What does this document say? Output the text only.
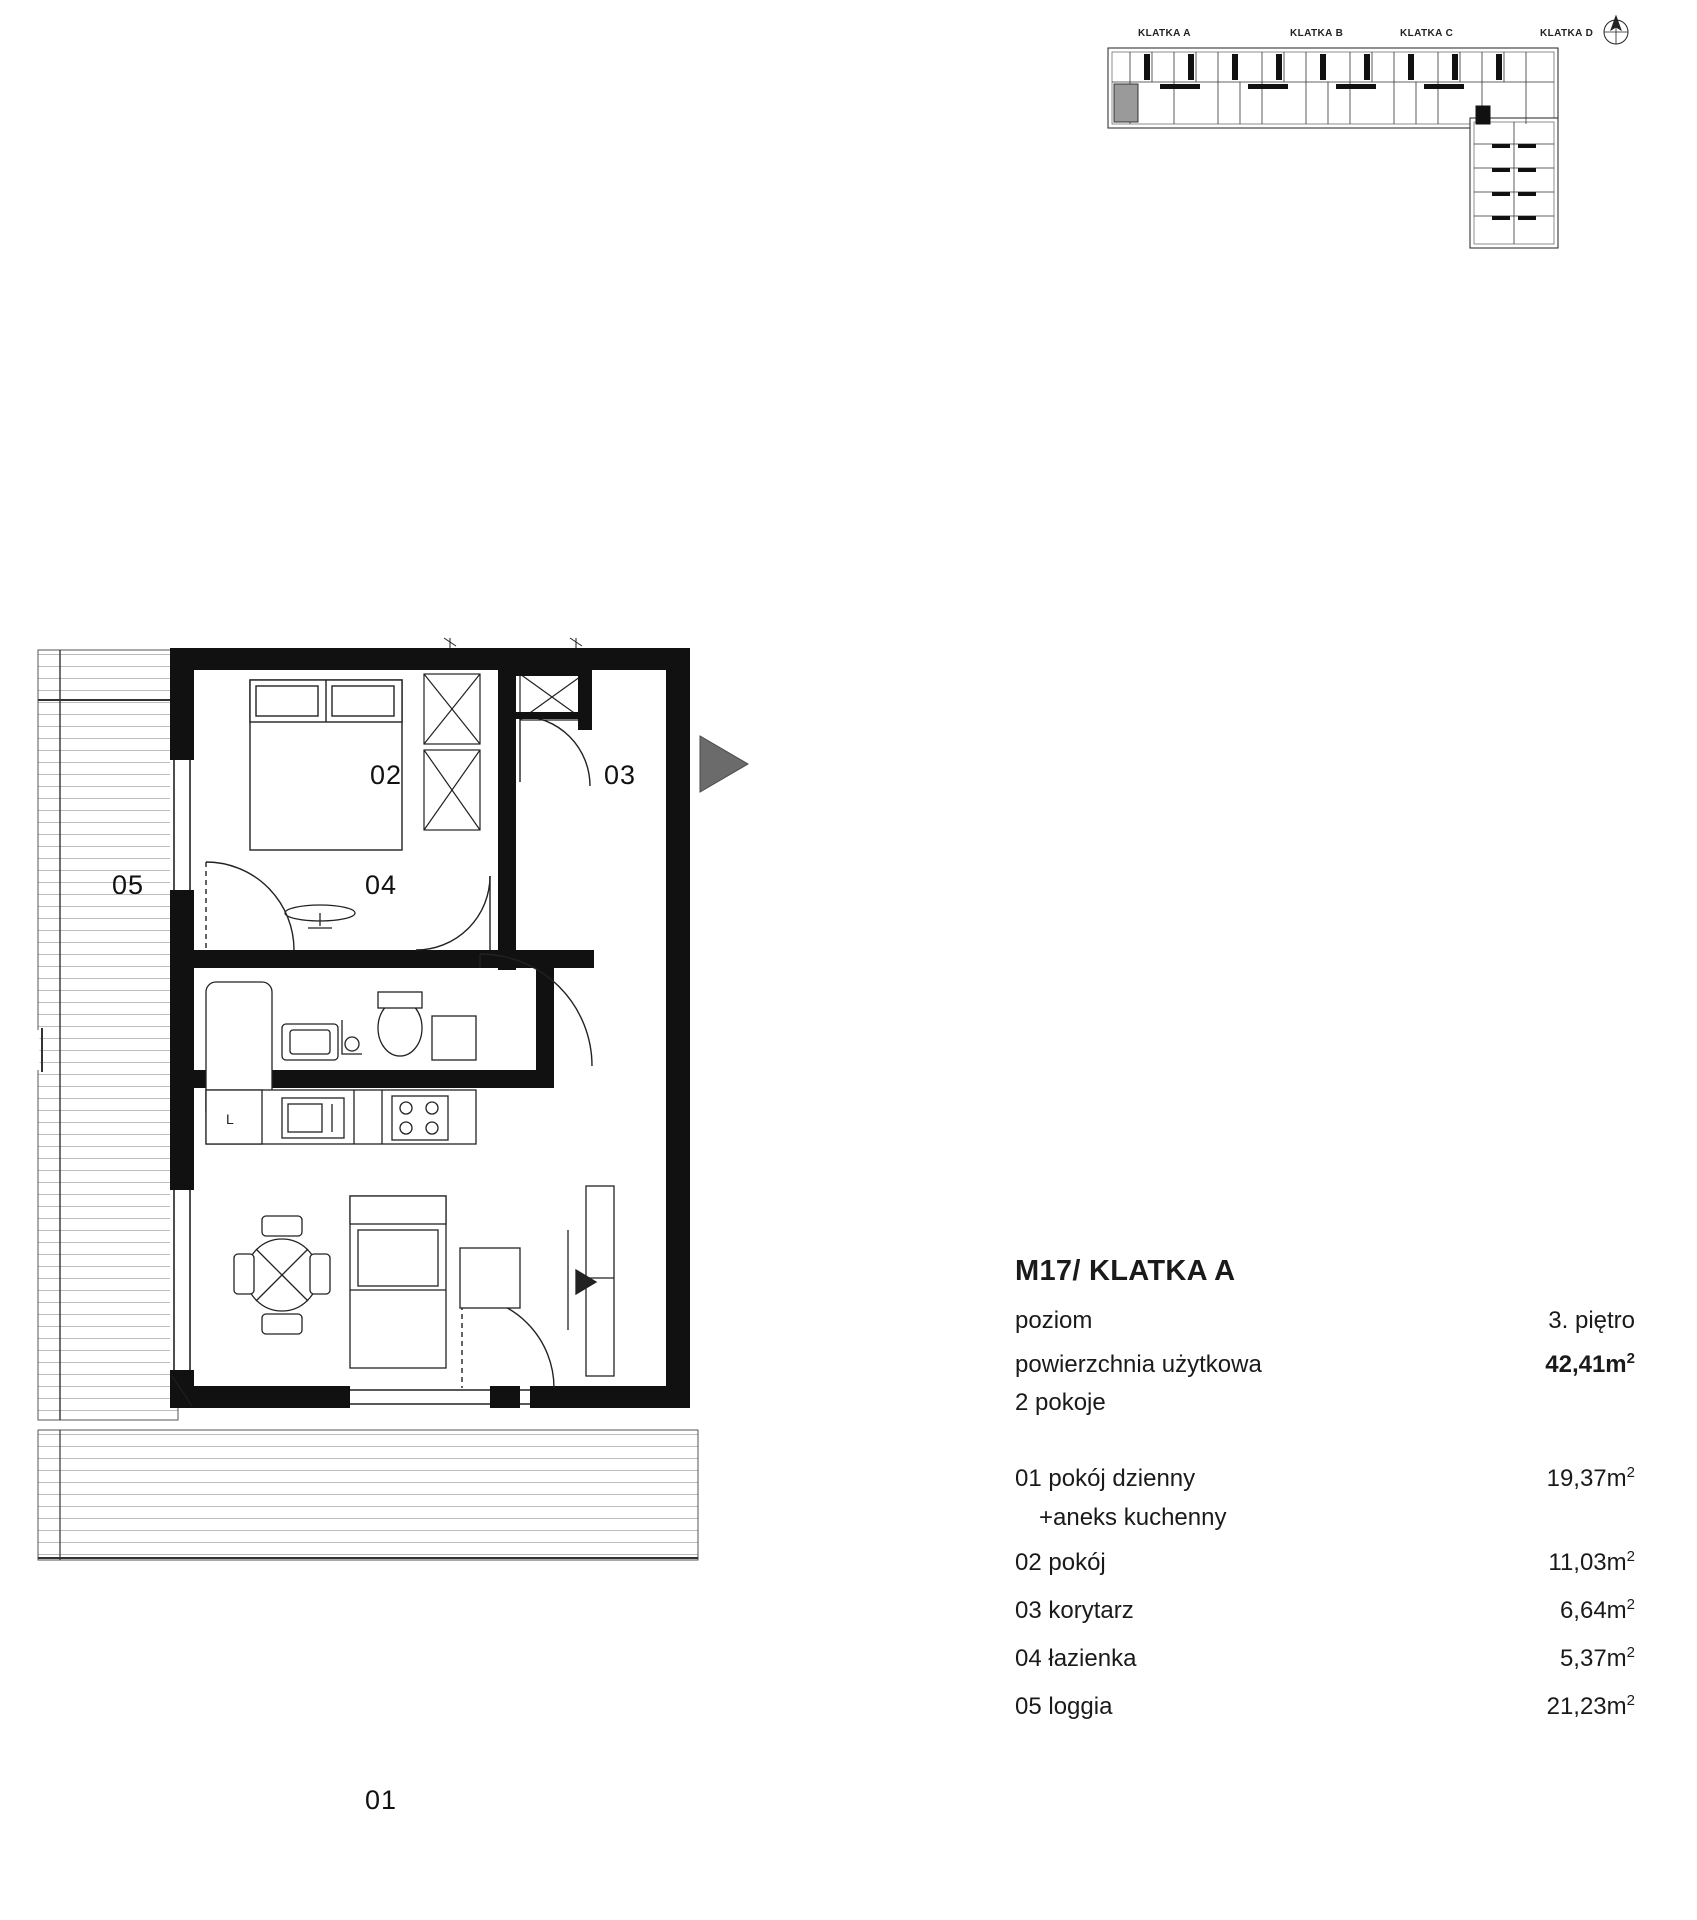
KLATKA A	KLATKA B	KLATKA C	KLATKA D
01
02	03
04
05
L
M17/ KLATKA A
poziom	3. piętro
powierzchnia użytkowa	$42,41m^2$
2 pokoje
01 pokój dzienny	$19,37m^2$
+aneks kuchenny
02 pokój	$11,03m^2$
03 korytarz	$6,64m^2$
04 łazienka	$5,37m^2$
05 loggia	$21,23m^2$
